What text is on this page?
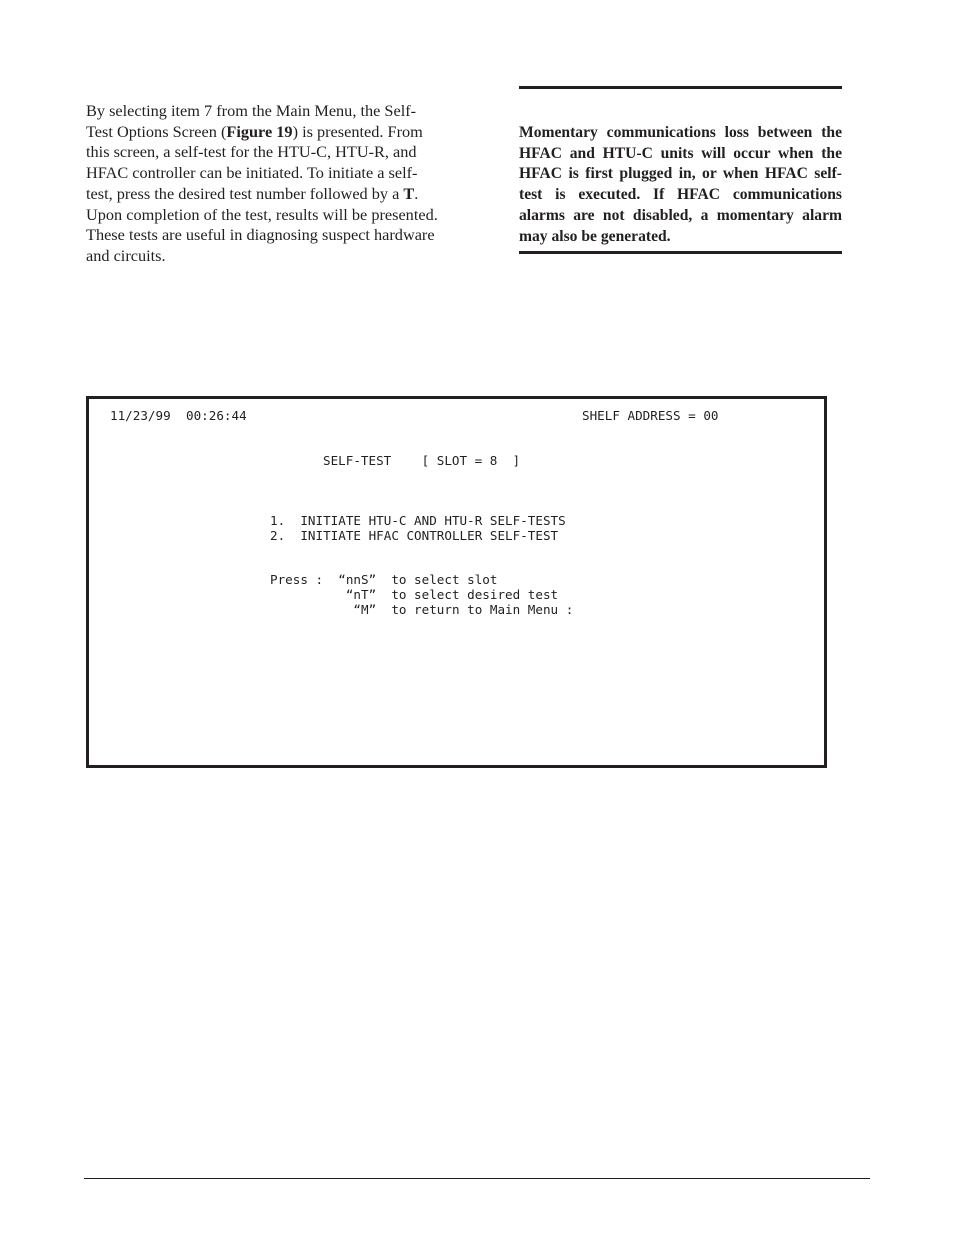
By selecting item 7 from the Main Menu, the Self-
Test Options Screen (Figure 19) is presented. From
this screen, a self-test for the HTU-C, HTU-R, and
HFAC controller can be initiated. To initiate a self-
test, press the desired test number followed by a T.
Upon completion of the test, results will be presented.
These tests are useful in diagnosing suspect hardware
and circuits.

Momentary communications loss between the
HFAC and HTU-C units will occur when the
HFAC is first plugged in, or when HFAC self-
test is executed. If HFAC communications
alarms are not disabled, a momentary alarm
may also be generated.

11/23/99 00:26:44	SHELF ADDRESS = 00
SELF-TEST    [ SLOT = 8  ]
1.  INITIATE HTU-C AND HTU-R SELF-TESTS
2.  INITIATE HFAC CONTROLLER SELF-TEST
Press :  “nnS”  to select slot
“nT”  to select desired test
“M”  to return to Main Menu :
